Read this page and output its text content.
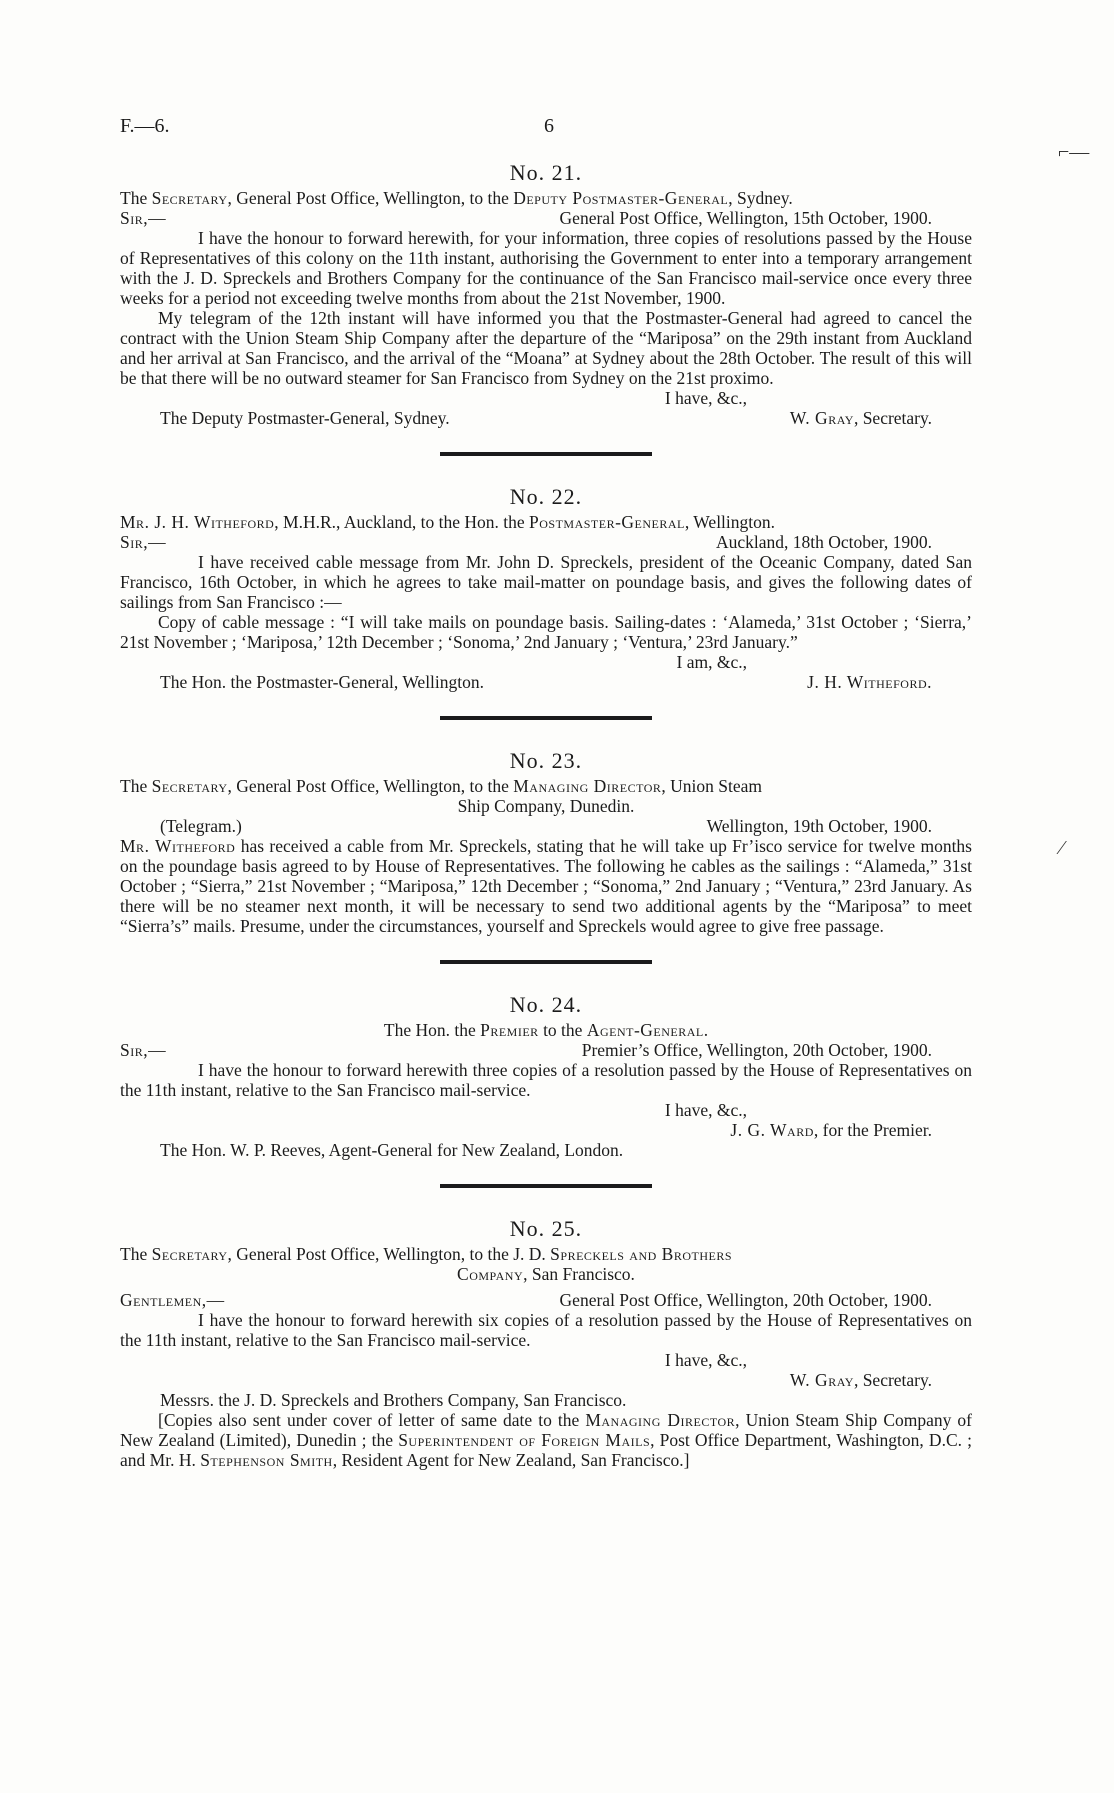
F.—6.	6
⌐—
⁄
No. 21.
The Secretary, General Post Office, Wellington, to the Deputy Postmaster-General, Sydney.
Sir,—	General Post Office, Wellington, 15th October, 1900.

I have the honour to forward herewith, for your information, three copies of resolutions passed by the House of Representatives of this colony on the 11th instant, authorising the Government to enter into a temporary arrangement with the J. D. Spreckels and Brothers Company for the continuance of the San Francisco mail-service once every three weeks for a period not exceeding twelve months from about the 21st November, 1900.

My telegram of the 12th instant will have informed you that the Postmaster-General had agreed to cancel the contract with the Union Steam Ship Company after the departure of the “Mariposa” on the 29th instant from Auckland and her arrival at San Francisco, and the arrival of the “Moana” at Sydney about the 28th October. The result of this will be that there will be no outward steamer for San Francisco from Sydney on the 21st proximo.

I have, &c.,
The Deputy Postmaster-General, Sydney.	W. Gray, Secretary.
No. 22.
Mr. J. H. Witheford, M.H.R., Auckland, to the Hon. the Postmaster-General, Wellington.
Sir,—	Auckland, 18th October, 1900.

I have received cable message from Mr. John D. Spreckels, president of the Oceanic Company, dated San Francisco, 16th October, in which he agrees to take mail-matter on poundage basis, and gives the following dates of sailings from San Francisco :—

Copy of cable message : “I will take mails on poundage basis. Sailing-dates : ‘Alameda,’ 31st October ; ‘Sierra,’ 21st November ; ‘Mariposa,’ 12th December ; ‘Sonoma,’ 2nd January ; ‘Ventura,’ 23rd January.”

I am, &c.,
The Hon. the Postmaster-General, Wellington.	J. H. Witheford.
No. 23.
The Secretary, General Post Office, Wellington, to the Managing Director, Union Steam
Ship Company, Dunedin.
(Telegram.)	Wellington, 19th October, 1900.

Mr. Witheford has received a cable from Mr. Spreckels, stating that he will take up Fr’isco service for twelve months on the poundage basis agreed to by House of Representatives. The following he cables as the sailings : “Alameda,” 31st October ; “Sierra,” 21st November ; “Mariposa,” 12th December ; “Sonoma,” 2nd January ; “Ventura,” 23rd January. As there will be no steamer next month, it will be necessary to send two additional agents by the “Mariposa” to meet “Sierra’s” mails. Presume, under the circumstances, yourself and Spreckels would agree to give free passage.

No. 24.
The Hon. the Premier to the Agent-General.
Sir,—	Premier’s Office, Wellington, 20th October, 1900.

I have the honour to forward herewith three copies of a resolution passed by the House of Representatives on the 11th instant, relative to the San Francisco mail-service.

I have, &c.,
J. G. Ward, for the Premier.
The Hon. W. P. Reeves, Agent-General for New Zealand, London.
No. 25.
The Secretary, General Post Office, Wellington, to the J. D. Spreckels and Brothers
Company, San Francisco.
Gentlemen,—	General Post Office, Wellington, 20th October, 1900.

I have the honour to forward herewith six copies of a resolution passed by the House of Representatives on the 11th instant, relative to the San Francisco mail-service.

I have, &c.,
W. Gray, Secretary.
Messrs. the J. D. Spreckels and Brothers Company, San Francisco.

[Copies also sent under cover of letter of same date to the Managing Director, Union Steam Ship Company of New Zealand (Limited), Dunedin ; the Superintendent of Foreign Mails, Post Office Department, Washington, D.C. ; and Mr. H. Stephenson Smith, Resident Agent for New Zealand, San Francisco.]
